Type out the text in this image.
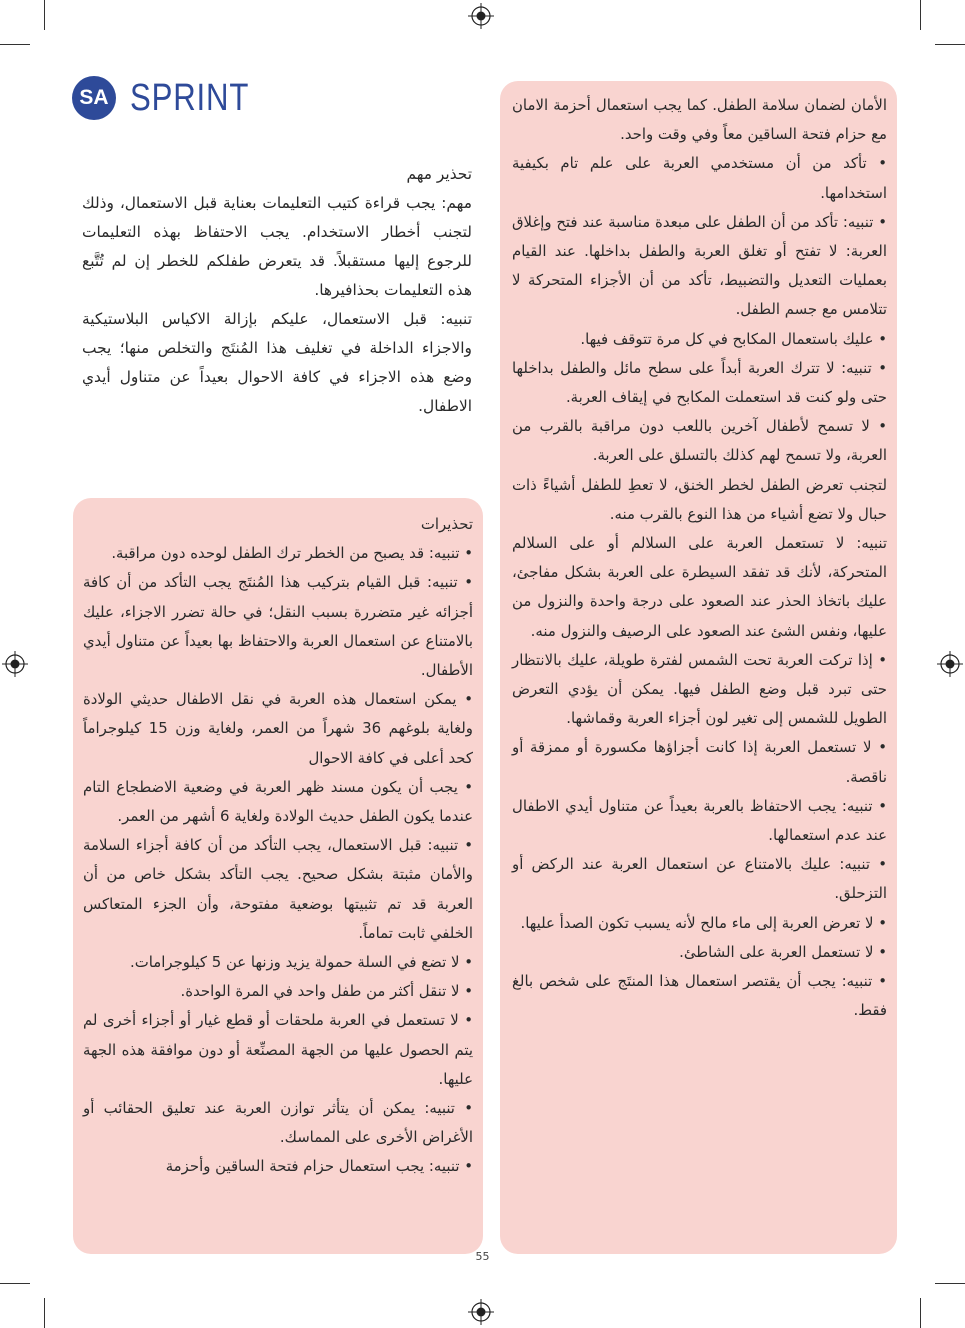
SA SPRINT

تحذير مهم

مهم: يجب قراءة كتيب التعليمات بعناية قبل الاستعمال، وذلك لتجنب أخطار الاستخدام. يجب الاحتفاظ بهذه التعليمات للرجوع إليها مستقبلاً. قد يتعرض طفلكم للخطر إن لم تُتَّبع هذه التعليمات بحذافيرها.

تنبيه: قبل الاستعمال، عليكم بإزالة الاكياس البلاستيكية والاجزاء الداخلة في تغليف هذا المُنتَج والتخلص منها؛ يجب وضع هذه الاجزاء في كافة الاحوال بعيداً عن متناول أيدي الاطفال.

تحذيرات

• تنبيه: قد يصبح من الخطر ترك الطفل لوحده دون مراقبة.

• تنبيه: قبل القيام بتركيب هذا المُنتَج يجب التأكد من أن كافة أجزائه غير متضررة بسبب النقل؛ في حالة تضرر الاجزاء، عليك بالامتناع عن استعمال العربة والاحتفاظ بها بعيداً عن متناول أيدي الأطفال.

• يمكن استعمال هذه العربة في نقل الاطفال حديثي الولادة ولغاية بلوغهم 36 شهراً من العمر، ولغاية وزن 15 كيلوجراماً كحد أعلى في كافة الاحوال

• يجب أن يكون مسند ظهر العربة في وضعية الاضطجاع التام عندما يكون الطفل حديث الولادة ولغاية 6 أشهر من العمر.

• تنبيه: قبل الاستعمال، يجب التأكد من أن كافة أجزاء السلامة والأمان مثبتة بشكل صحيح. يجب التأكد بشكل خاص من أن العربة قد تم تثبيتها بوضعية مفتوحة، وأن الجزء المتعاكس الخلفي ثابت تماماً.

• لا تضع في السلة حمولة يزيد وزنها عن 5 كيلوجرامات.

• لا تنقل أكثر من طفل واحد في المرة الواحدة.

• لا تستعمل في العربة ملحقات أو قطع غيار أو أجزاء أخرى لم يتم الحصول عليها من الجهة المصنِّعة أو دون موافقة هذه الجهة عليها.

• تنبيه: يمكن أن يتأثر توازن العربة عند تعليق الحقائب أو الأغراض الأخرى على المماسك.

• تنبيه: يجب استعمال حزام فتحة الساقين وأحزمة

الأمان لضمان سلامة الطفل. كما يجب استعمال أحزمة الامان مع حزام فتحة الساقين معاً وفي وقت واحد.

• تأكد من أن مستخدمي العربة على علم تام بكيفية استخدامها.

• تنبيه: تأكد من أن الطفل على مبعدة مناسبة عند فتح وإغلاق العربة: لا تفتح أو تغلق العربة والطفل بداخلها. عند القيام بعمليات التعديل والتضبيط، تأكد من أن الأجزاء المتحركة لا تتلامس مع جسم الطفل.

• عليك باستعمال المكابح في كل مرة تتوقف فيها.

• تنبيه: لا تترك العربة أبداً على سطح مائل والطفل بداخلها حتى ولو كنت قد استعملت المكابح في إيقاف العربة.

• لا تسمح لأطفال آخرين باللعب دون مراقبة بالقرب من العربة، ولا تسمح لهم كذلك بالتسلق على العربة.

لتجنب تعرض الطفل لخطر الخنق، لا تعطِ للطفل أشياءً ذات حبال ولا تضع أشياء من هذا النوع بالقرب منه.

تنبيه: لا تستعمل العربة على السلالم أو على السلالم المتحركة، لأنك قد تفقد السيطرة على العربة بشكل مفاجئ، عليك باتخاذ الحذر عند الصعود على درجة واحدة والنزول من عليها، ونفس الشئ عند الصعود على الرصيف والنزول منه.

• إذا تركت العربة تحت الشمس لفترة طويلة، عليك بالانتظار حتى تبرد قبل وضع الطفل فيها. يمكن أن يؤدي التعرض الطويل للشمس إلى تغير لون أجزاء العربة وقماشها.

• لا تستعمل العربة إذا كانت أجزاؤها مكسورة أو ممزقة أو ناقصة.

• تنبيه: يجب الاحتفاظ بالعربة بعيداً عن متناول أيدي الاطفال عند عدم استعمالها.

• تنبيه: عليك بالامتناع عن استعمال العربة عند الركض أو التزحلق.

• لا تعرض العربة إلى ماء مالح لأنه يسبب تكون الصدأ عليها.

• لا تستعمل العربة على الشاطئ.

• تنبيه: يجب أن يقتصر استعمال هذا المنتَج على شخص بالغ فقط.

55
